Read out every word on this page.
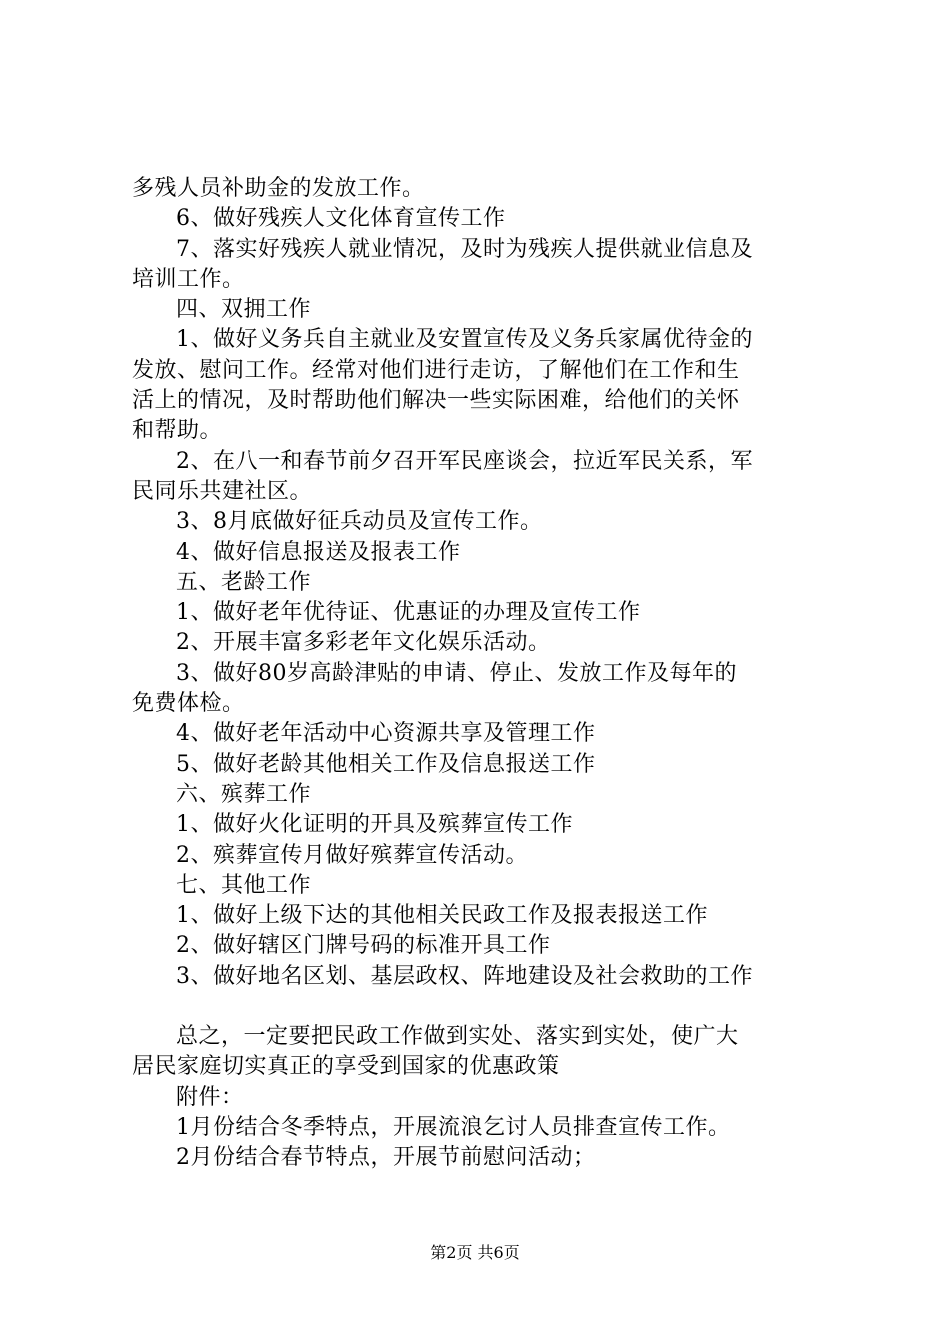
多残人员补助金的发放工作。
6、做好残疾人文化体育宣传工作
7、落实好残疾人就业情况，及时为残疾人提供就业信息及
培训工作。
四、双拥工作
1、做好义务兵自主就业及安置宣传及义务兵家属优待金的
发放、慰问工作。经常对他们进行走访，了解他们在工作和生
活上的情况，及时帮助他们解决一些实际困难，给他们的关怀
和帮助。
2、在八一和春节前夕召开军民座谈会，拉近军民关系，军
民同乐共建社区。
3、8月底做好征兵动员及宣传工作。
4、做好信息报送及报表工作
五、老龄工作
1、做好老年优待证、优惠证的办理及宣传工作
2、开展丰富多彩老年文化娱乐活动。
3、做好80岁高龄津贴的申请、停止、发放工作及每年的
免费体检。
4、做好老年活动中心资源共享及管理工作
5、做好老龄其他相关工作及信息报送工作
六、殡葬工作
1、做好火化证明的开具及殡葬宣传工作
2、殡葬宣传月做好殡葬宣传活动。
七、其他工作
1、做好上级下达的其他相关民政工作及报表报送工作
2、做好辖区门牌号码的标准开具工作
3、做好地名区划、基层政权、阵地建设及社会救助的工作
总之，一定要把民政工作做到实处、落实到实处，使广大
居民家庭切实真正的享受到国家的优惠政策
附件：
1月份结合冬季特点，开展流浪乞讨人员排查宣传工作。
2月份结合春节特点，开展节前慰问活动；
第2页 共6页
